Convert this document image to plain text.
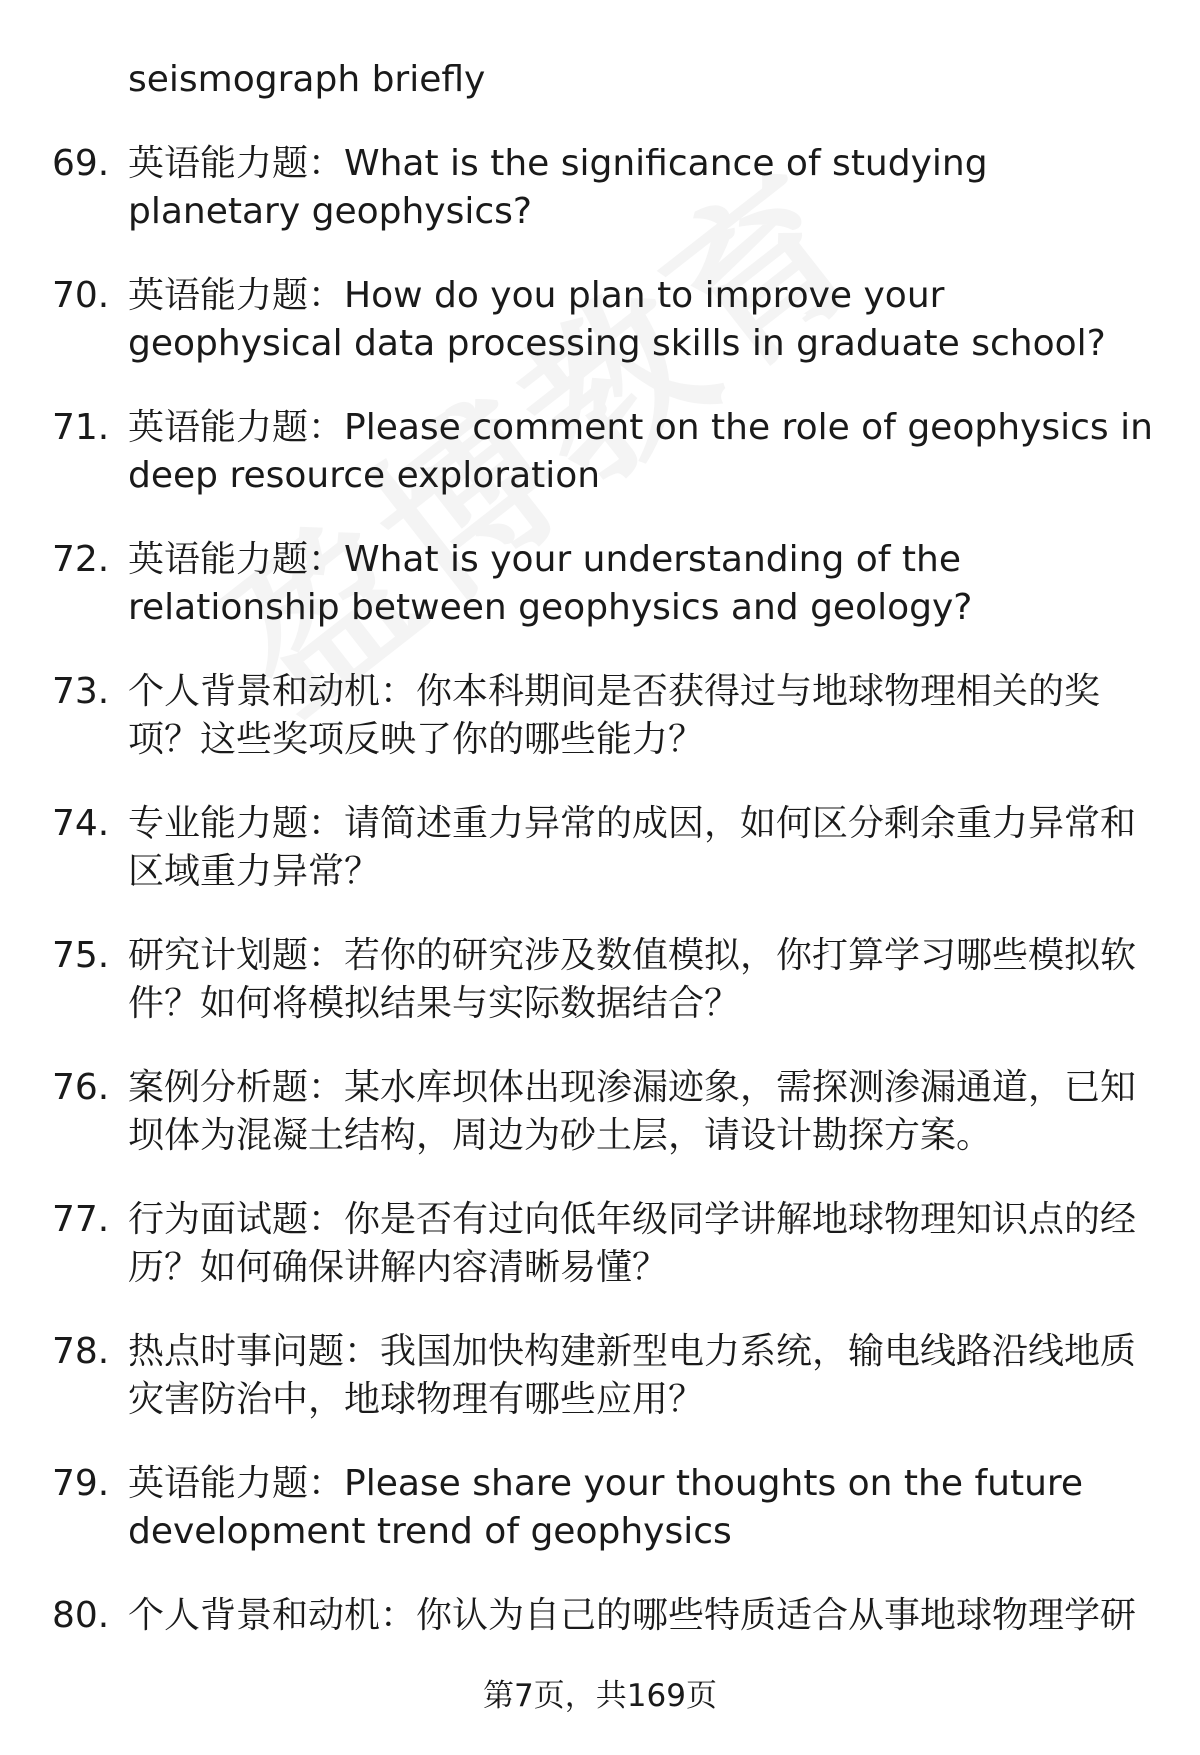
seismograph briefly

69. 英语能力题：What is the significance of studying planetary geophysics?

70. 英语能力题：How do you plan to improve your geophysical data processing skills in graduate school?

71. 英语能力题：Please comment on the role of geophysics in deep resource exploration

72. 英语能力题：What is your understanding of the relationship between geophysics and geology?

73. 个人背景和动机：你本科期间是否获得过与地球物理相关的奖项？这些奖项反映了你的哪些能力？

74. 专业能力题：请简述重力异常的成因，如何区分剩余重力异常和区域重力异常？

75. 研究计划题：若你的研究涉及数值模拟，你打算学习哪些模拟软件？如何将模拟结果与实际数据结合？

76. 案例分析题：某水库坝体出现渗漏迹象，需探测渗漏通道，已知坝体为混凝土结构，周边为砂土层，请设计勘探方案。

77. 行为面试题：你是否有过向低年级同学讲解地球物理知识点的经历？如何确保讲解内容清晰易懂？

78. 热点时事问题：我国加快构建新型电力系统，输电线路沿线地质灾害防治中，地球物理有哪些应用？

79. 英语能力题：Please share your thoughts on the future development trend of geophysics

80. 个人背景和动机：你认为自己的哪些特质适合从事地球物理学研

第7页，共169页
